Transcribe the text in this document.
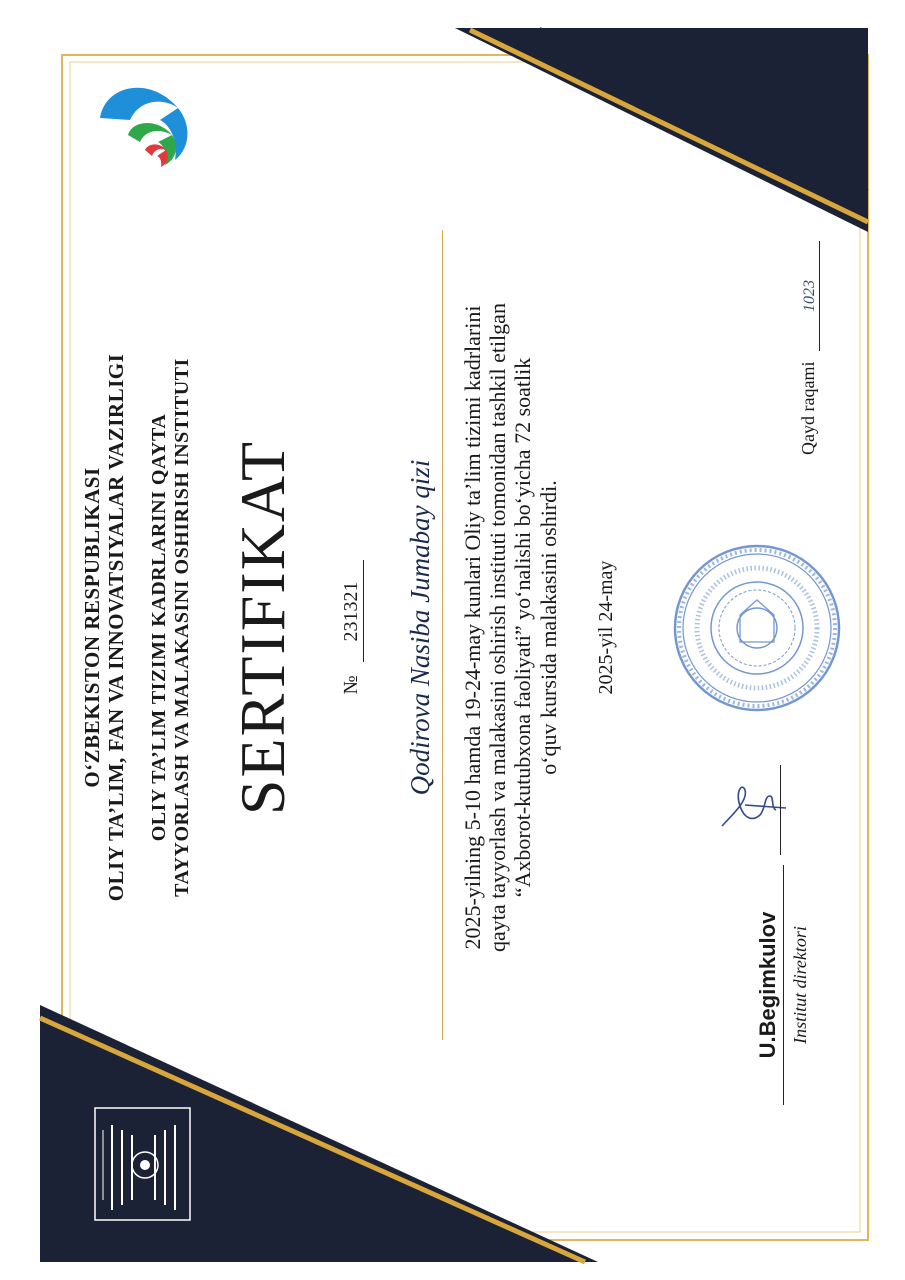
O‘ZBEKISTON RESPUBLIKASI OLIY TA’LIM, FAN VA INNOVATSIYALAR VAZIRLIGI OLIY TA’LIM TIZIMI KADRLARINI QAYTA TAYYORLASH VA MALAKASINI OSHIRISH INSTITUTI SERTIFIKAT № 231321 Qodirova Nasiba Jumabay qizi 2025-yilning 5-10 hamda 19-24-may kunlari Oliy ta’lim tizimi kadrlarini qayta tayyorlash va malakasini oshirish instituti tomonidan tashkil etilgan “Axborot-kutubxona faoliyati” yo‘nalishi bo‘yicha 72 soatlik o‘quv kursida malakasini oshirdi. 2025-yil 24-may
U.Begimkulov Institut direktori
Qayd raqami 1023
